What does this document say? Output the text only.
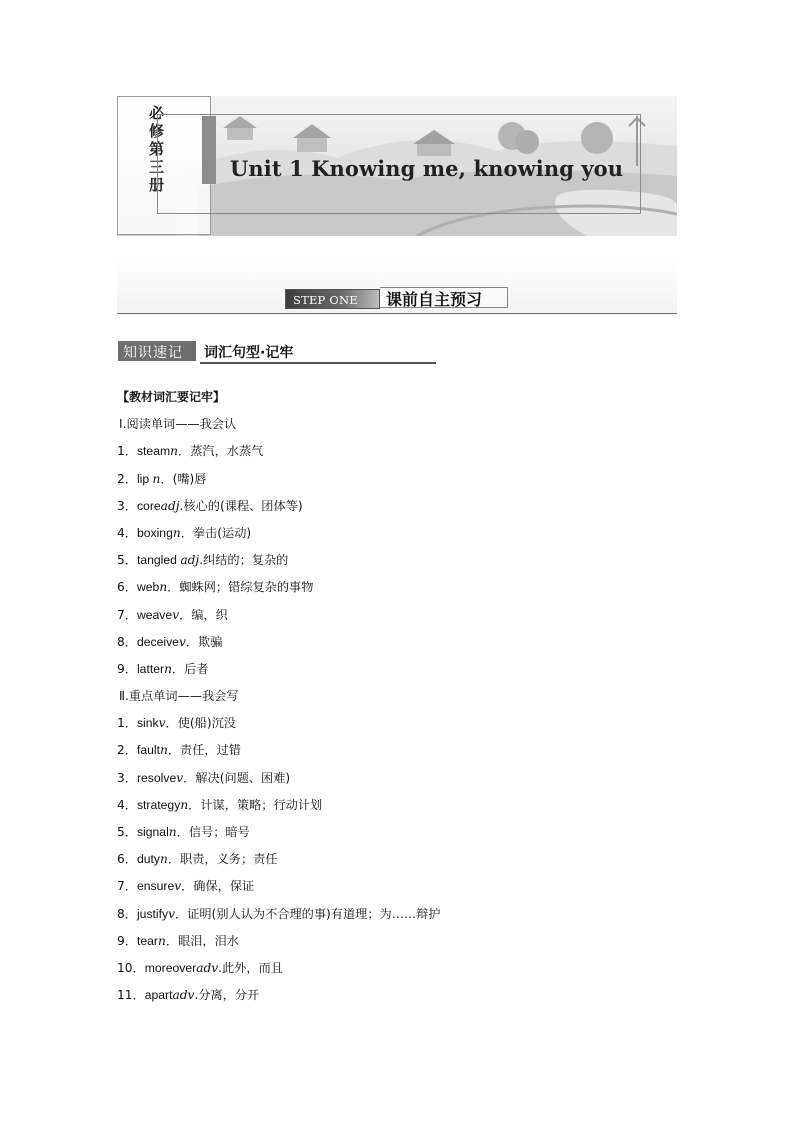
必修第三册
Unit 1 Knowing me, knowing you
STEP ONE 课前自主预习
知识速记 词汇句型·记牢
【教材词汇要记牢】
Ⅰ.阅读单词——我会认
1．steamn．蒸汽，水蒸气
2．lip n．(嘴)唇
3．coreadj.核心的(课程、团体等)
4．boxingn．拳击(运动)
5．tangled adj.纠结的；复杂的
6．webn．蜘蛛网；错综复杂的事物
7．weavev．编，织
8．deceivev．欺骗
9．lattern．后者
Ⅱ.重点单词——我会写
1．sinkv．使(船)沉没
2．faultn．责任，过错
3．resolvev．解决(问题、困难)
4．strategyn．计谋，策略；行动计划
5．signaln．信号；暗号
6．dutyn．职责，义务；责任
7．ensurev．确保，保证
8．justifyv．证明(别人认为不合理的事)有道理；为……辩护
9．tearn．眼泪，泪水
10．moreoveradv.此外，而且
11．apartadv.分离，分开
